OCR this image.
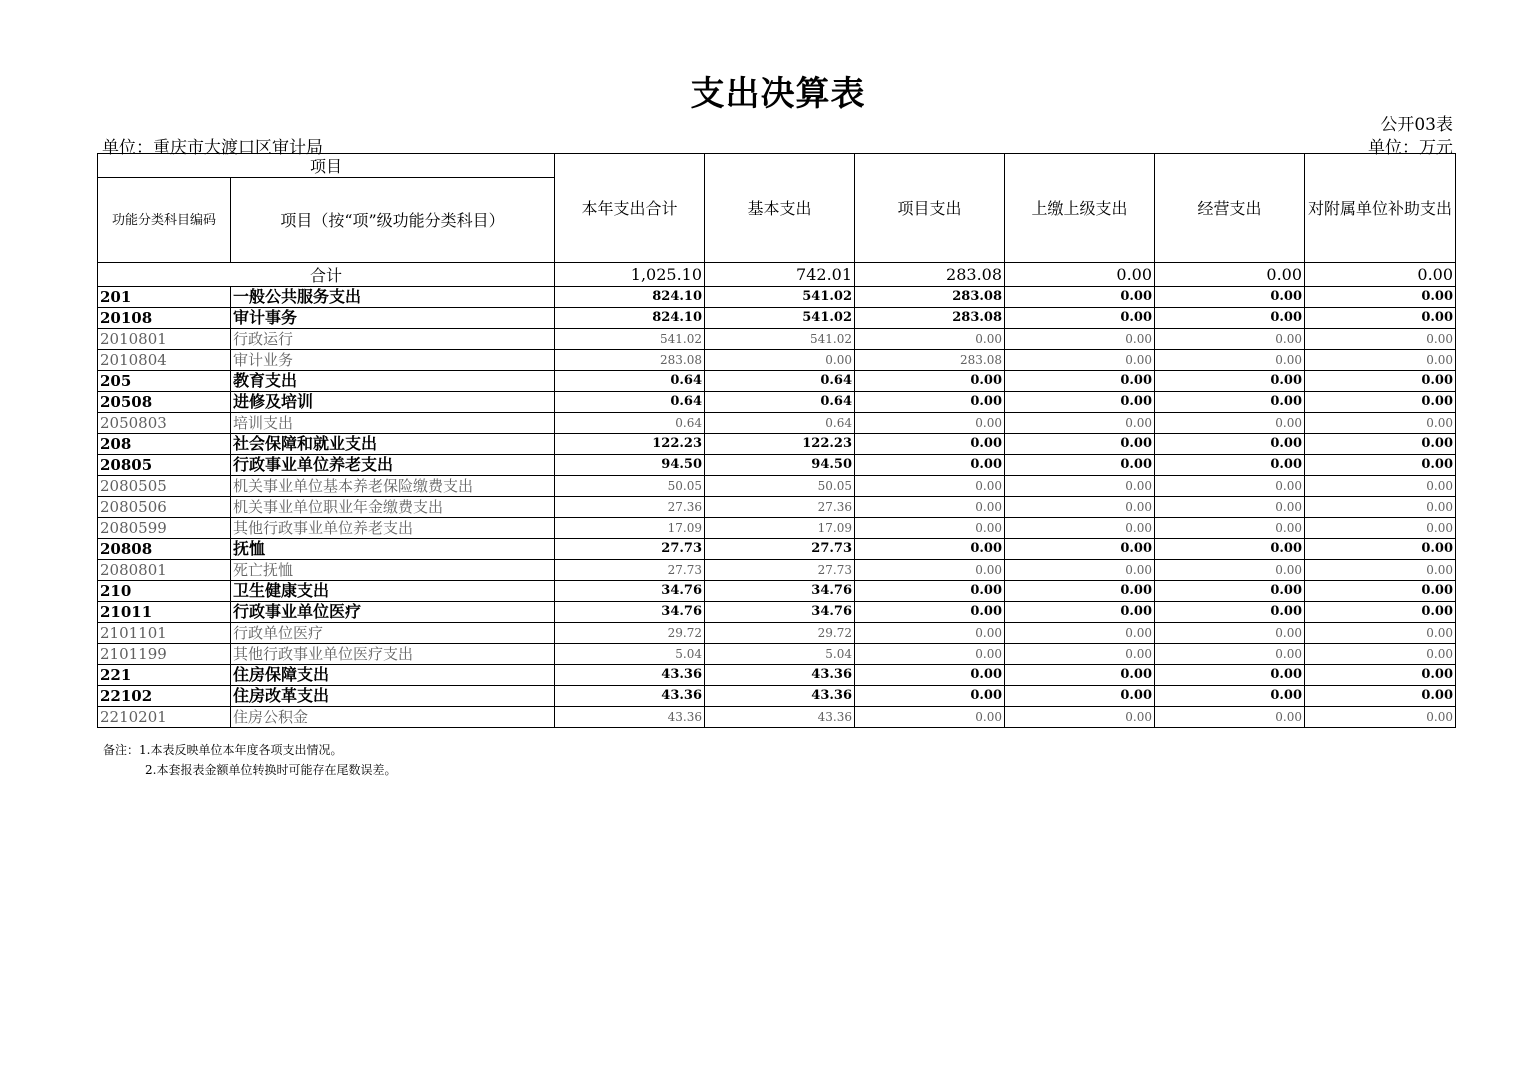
支出决算表
公开03表
单位：重庆市大渡口区审计局	单位：万元
项目		本年支出合计	基本支出	项目支出	上缴上级支出	经营支出	对附属单位补助支出
功能分类科目编码	项目（按“项”级功能分类科目）						
合计		1,025.10	742.01	283.08	0.00	0.00	0.00
201	一般公共服务支出	824.10	541.02	283.08	0.00	0.00	0.00
20108	审计事务	824.10	541.02	283.08	0.00	0.00	0.00
2010801	行政运行	541.02	541.02	0.00	0.00	0.00	0.00
2010804	审计业务	283.08	0.00	283.08	0.00	0.00	0.00
205	教育支出	0.64	0.64	0.00	0.00	0.00	0.00
20508	进修及培训	0.64	0.64	0.00	0.00	0.00	0.00
2050803	培训支出	0.64	0.64	0.00	0.00	0.00	0.00
208	社会保障和就业支出	122.23	122.23	0.00	0.00	0.00	0.00
20805	行政事业单位养老支出	94.50	94.50	0.00	0.00	0.00	0.00
2080505	机关事业单位基本养老保险缴费支出	50.05	50.05	0.00	0.00	0.00	0.00
2080506	机关事业单位职业年金缴费支出	27.36	27.36	0.00	0.00	0.00	0.00
2080599	其他行政事业单位养老支出	17.09	17.09	0.00	0.00	0.00	0.00
20808	抚恤	27.73	27.73	0.00	0.00	0.00	0.00
2080801	死亡抚恤	27.73	27.73	0.00	0.00	0.00	0.00
210	卫生健康支出	34.76	34.76	0.00	0.00	0.00	0.00
21011	行政事业单位医疗	34.76	34.76	0.00	0.00	0.00	0.00
2101101	行政单位医疗	29.72	29.72	0.00	0.00	0.00	0.00
2101199	其他行政事业单位医疗支出	5.04	5.04	0.00	0.00	0.00	0.00
221	住房保障支出	43.36	43.36	0.00	0.00	0.00	0.00
22102	住房改革支出	43.36	43.36	0.00	0.00	0.00	0.00
2210201	住房公积金	43.36	43.36	0.00	0.00	0.00	0.00
备注：1.本表反映单位本年度各项支出情况。
2.本套报表金额单位转换时可能存在尾数误差。
